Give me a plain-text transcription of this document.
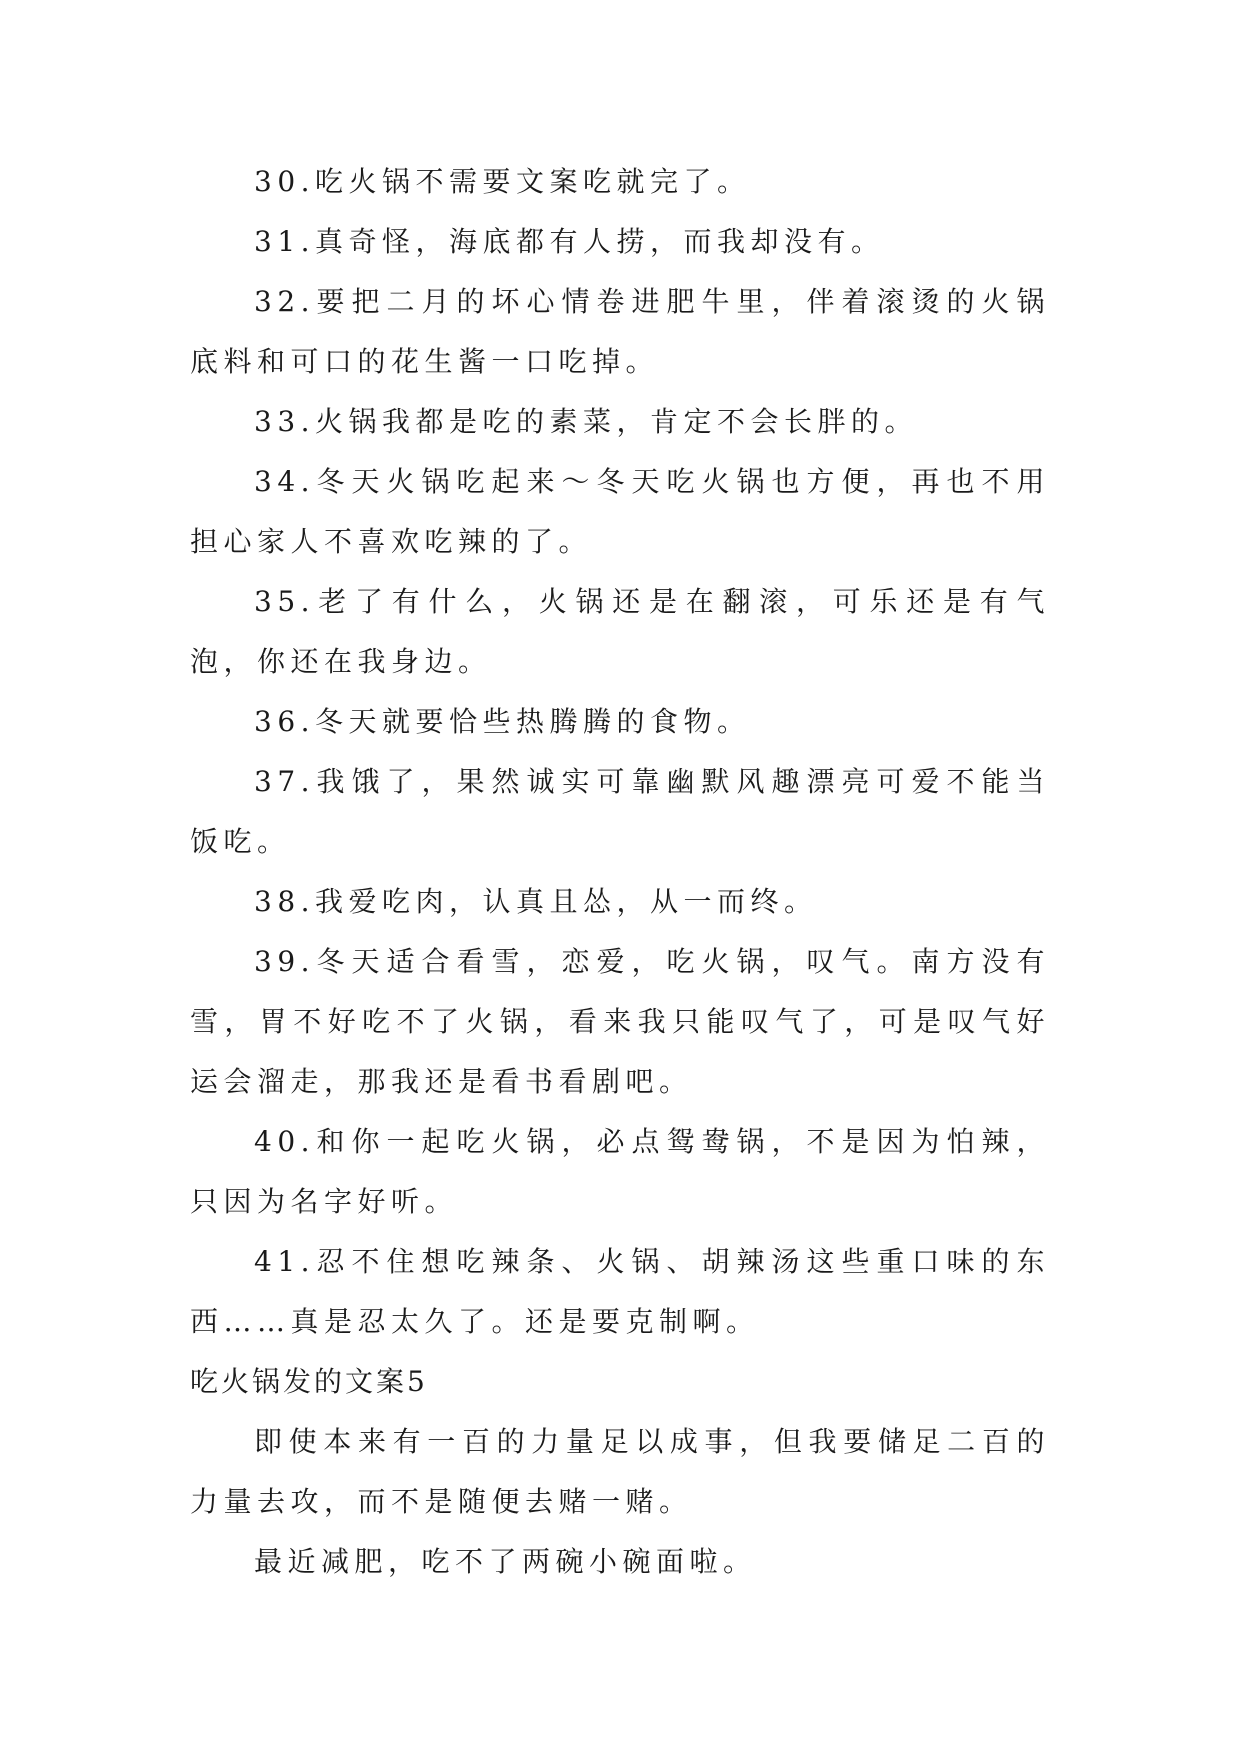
30.吃火锅不需要文案吃就完了。

31.真奇怪，海底都有人捞，而我却没有。

32.要把二月的坏心情卷进肥牛里，伴着滚烫的火锅底料和可口的花生酱一口吃掉。

33.火锅我都是吃的素菜，肯定不会长胖的。

34.冬天火锅吃起来～冬天吃火锅也方便，再也不用担心家人不喜欢吃辣的了。

35.老了有什么，火锅还是在翻滚，可乐还是有气泡，你还在我身边。

36.冬天就要恰些热腾腾的食物。

37.我饿了，果然诚实可靠幽默风趣漂亮可爱不能当饭吃。

38.我爱吃肉，认真且怂，从一而终。

39.冬天适合看雪，恋爱，吃火锅，叹气。南方没有雪，胃不好吃不了火锅，看来我只能叹气了，可是叹气好运会溜走，那我还是看书看剧吧。

40.和你一起吃火锅，必点鸳鸯锅，不是因为怕辣，只因为名字好听。

41.忍不住想吃辣条、火锅、胡辣汤这些重口味的东西……真是忍太久了。还是要克制啊。

吃火锅发的文案5

即使本来有一百的力量足以成事，但我要储足二百的力量去攻，而不是随便去赌一赌。

最近减肥，吃不了两碗小碗面啦。
